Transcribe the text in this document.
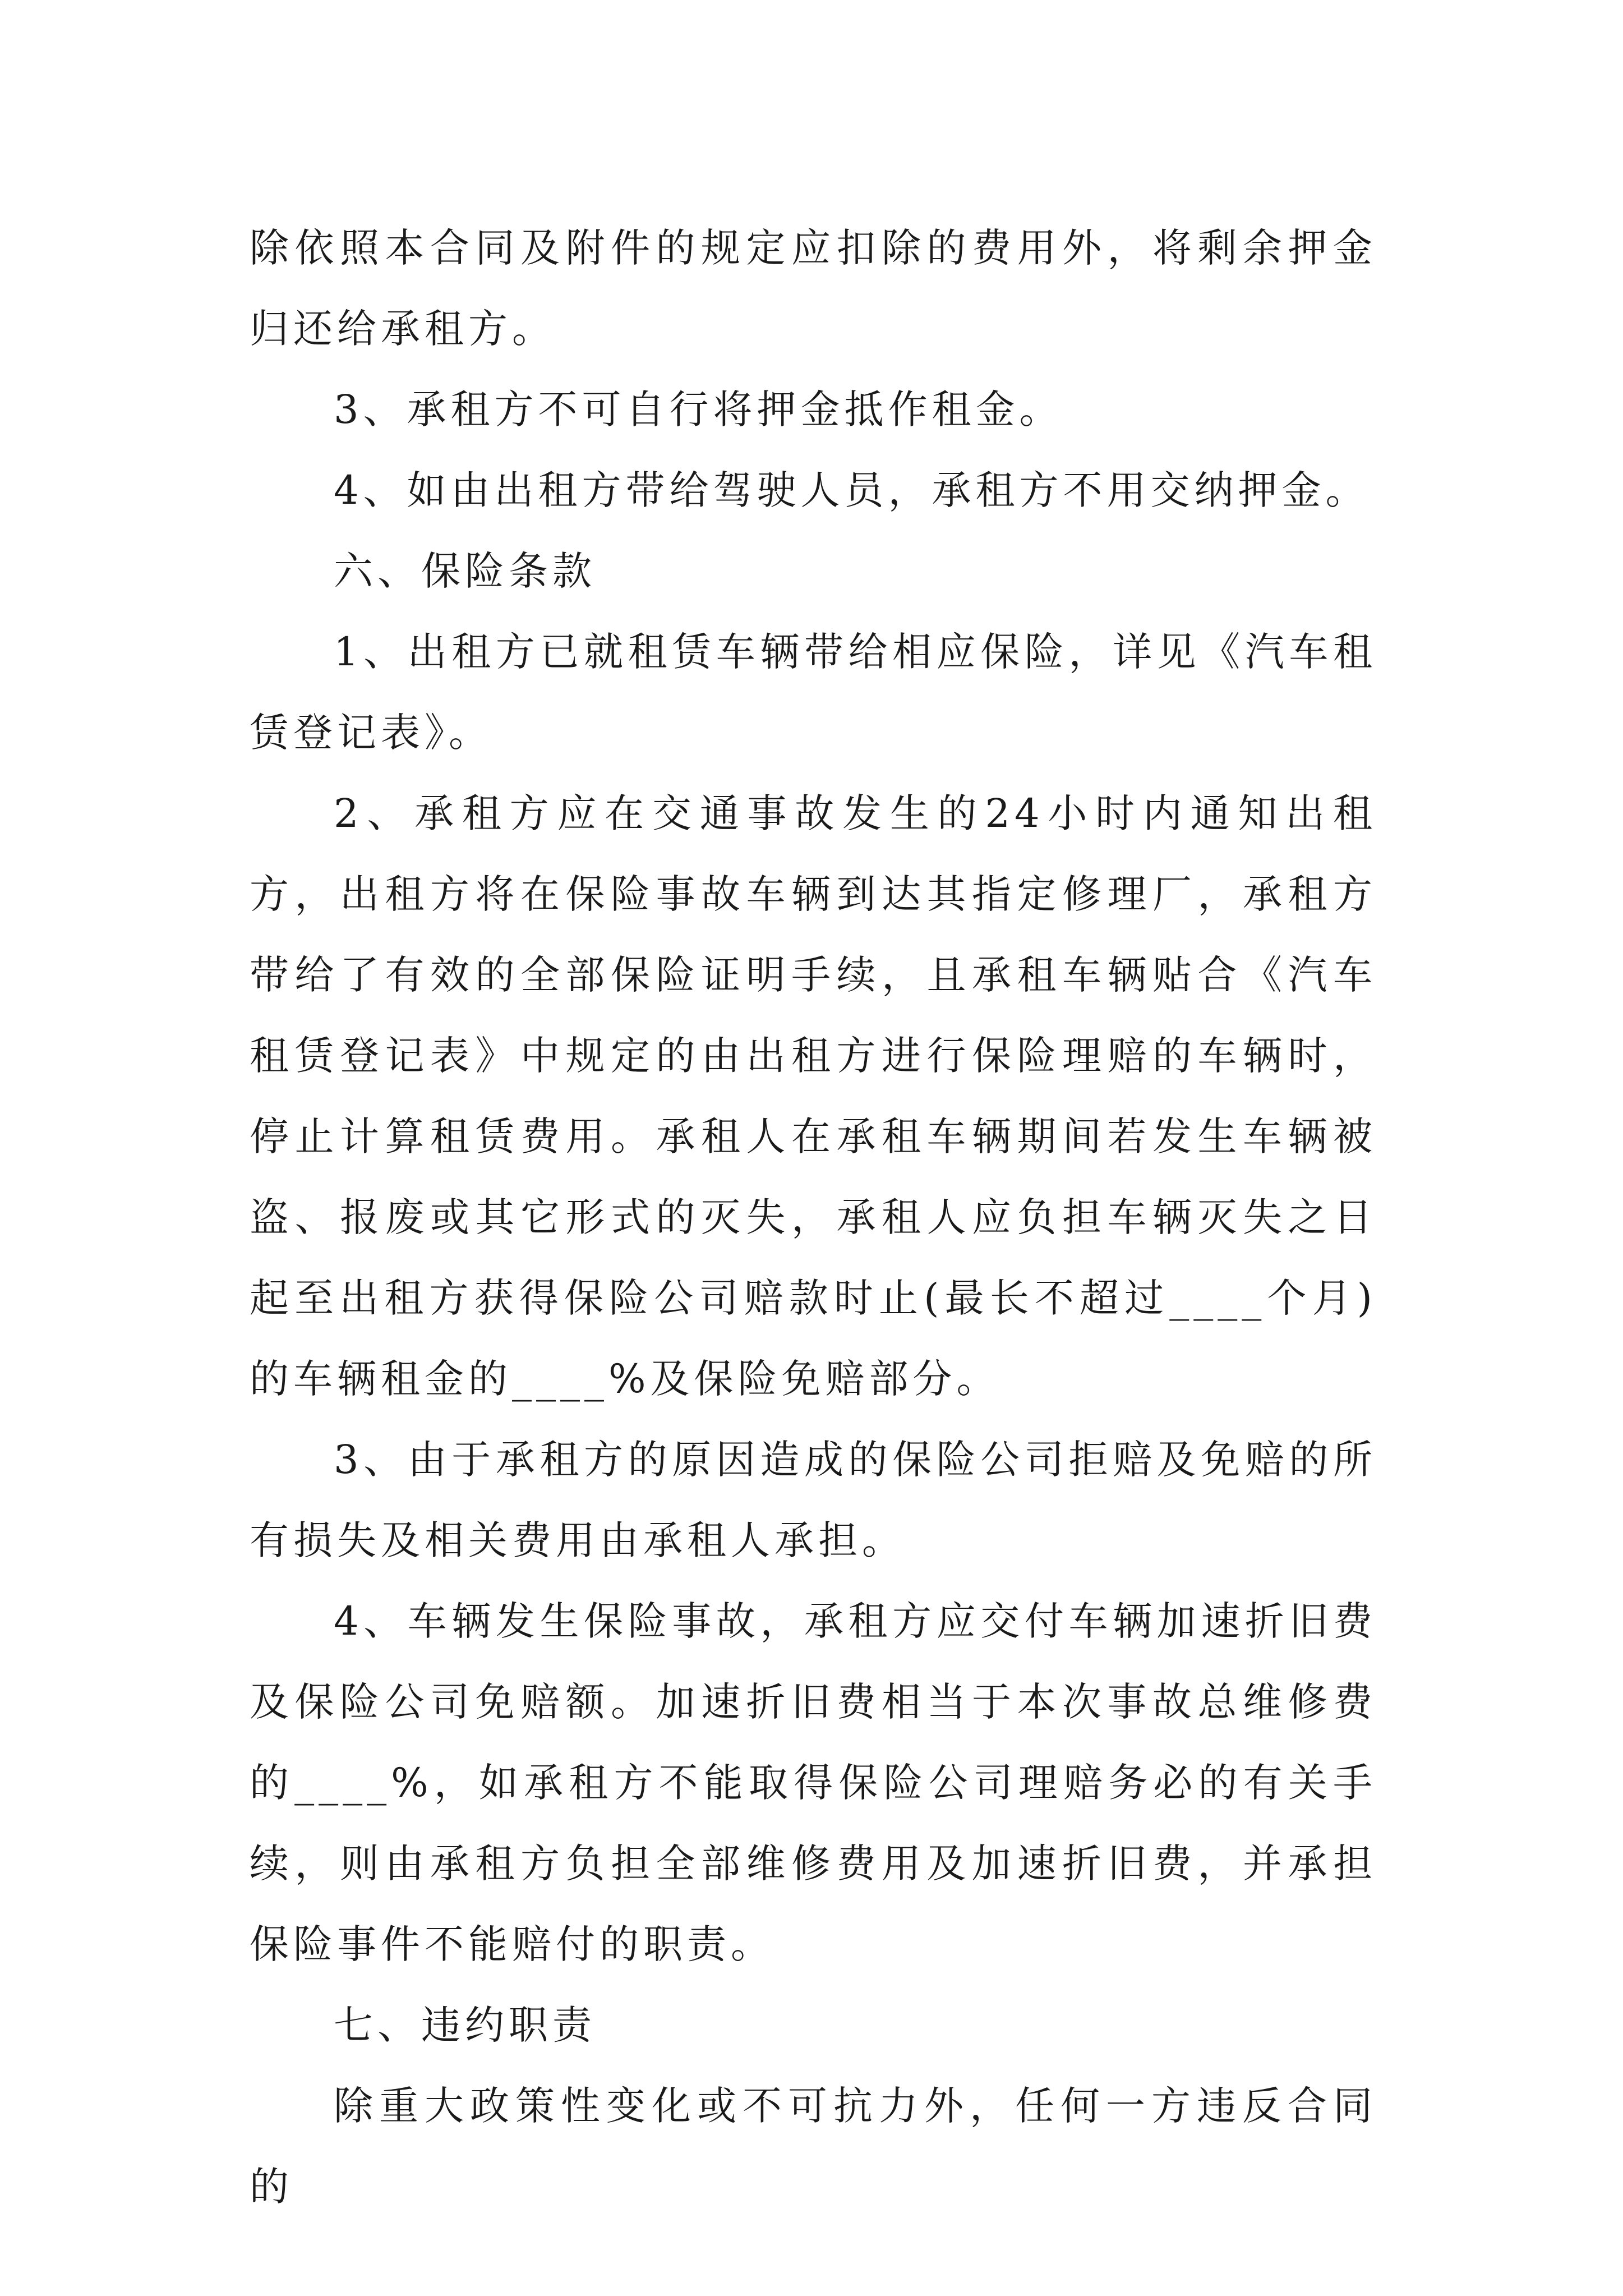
除依照本合同及附件的规定应扣除的费用外，将剩余押金归还给承租方。

3、承租方不可自行将押金抵作租金。

4、如由出租方带给驾驶人员，承租方不用交纳押金。

六、保险条款

1、出租方已就租赁车辆带给相应保险，详见《汽车租赁登记表》。

2、承租方应在交通事故发生的24小时内通知出租方，出租方将在保险事故车辆到达其指定修理厂，承租方带给了有效的全部保险证明手续，且承租车辆贴合《汽车租赁登记表》中规定的由出租方进行保险理赔的车辆时，停止计算租赁费用。承租人在承租车辆期间若发生车辆被盗、报废或其它形式的灭失，承租人应负担车辆灭失之日起至出租方获得保险公司赔款时止(最长不超过____个月)的车辆租金的____%及保险免赔部分。

3、由于承租方的原因造成的保险公司拒赔及免赔的所有损失及相关费用由承租人承担。

4、车辆发生保险事故，承租方应交付车辆加速折旧费及保险公司免赔额。加速折旧费相当于本次事故总维修费的____%，如承租方不能取得保险公司理赔务必的有关手续，则由承租方负担全部维修费用及加速折旧费，并承担保险事件不能赔付的职责。

七、违约职责

除重大政策性变化或不可抗力外，任何一方违反合同的
